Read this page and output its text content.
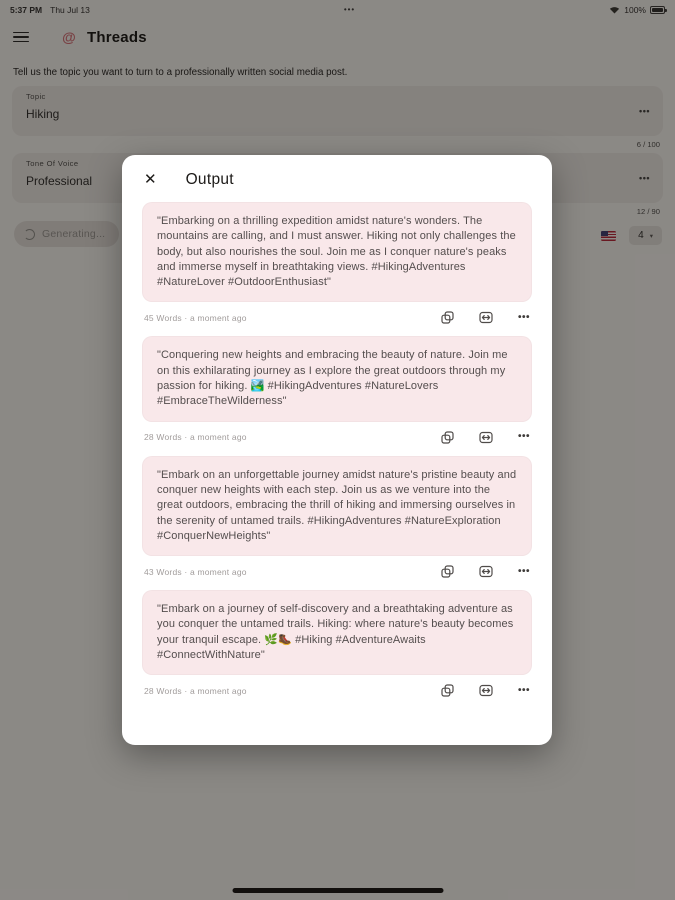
5:37 PM Thu Jul 13	•••	100%
@ Threads
Tell us the topic you want to turn to a professionally written social media post.
Topic
Hiking	•••
6 / 100
Tone Of Voice
Professional	•••
12 / 90
Generating...	4 ▾
✕ Output
"Embarking on a thrilling expedition amidst nature's wonders. The mountains are calling, and I must answer. Hiking not only challenges the body, but also nourishes the soul. Join me as I conquer nature's peaks and immerse myself in breathtaking views. #HikingAdventures #NatureLover #OutdoorEnthusiast"
45 Words · a moment ago	•••
"Conquering new heights and embracing the beauty of nature. Join me on this exhilarating journey as I explore the great outdoors through my passion for hiking. 🏞️ #HikingAdventures #NatureLovers #EmbraceTheWilderness"
28 Words · a moment ago	•••
"Embark on an unforgettable journey amidst nature's pristine beauty and conquer new heights with each step. Join us as we venture into the great outdoors, embracing the thrill of hiking and immersing ourselves in the serenity of untamed trails. #HikingAdventures #NatureExploration #ConquerNewHeights"
43 Words · a moment ago	•••
"Embark on a journey of self-discovery and a breathtaking adventure as you conquer the untamed trails. Hiking: where nature's beauty becomes your tranquil escape. 🌿🥾 #Hiking #AdventureAwaits #ConnectWithNature"
28 Words · a moment ago	•••
